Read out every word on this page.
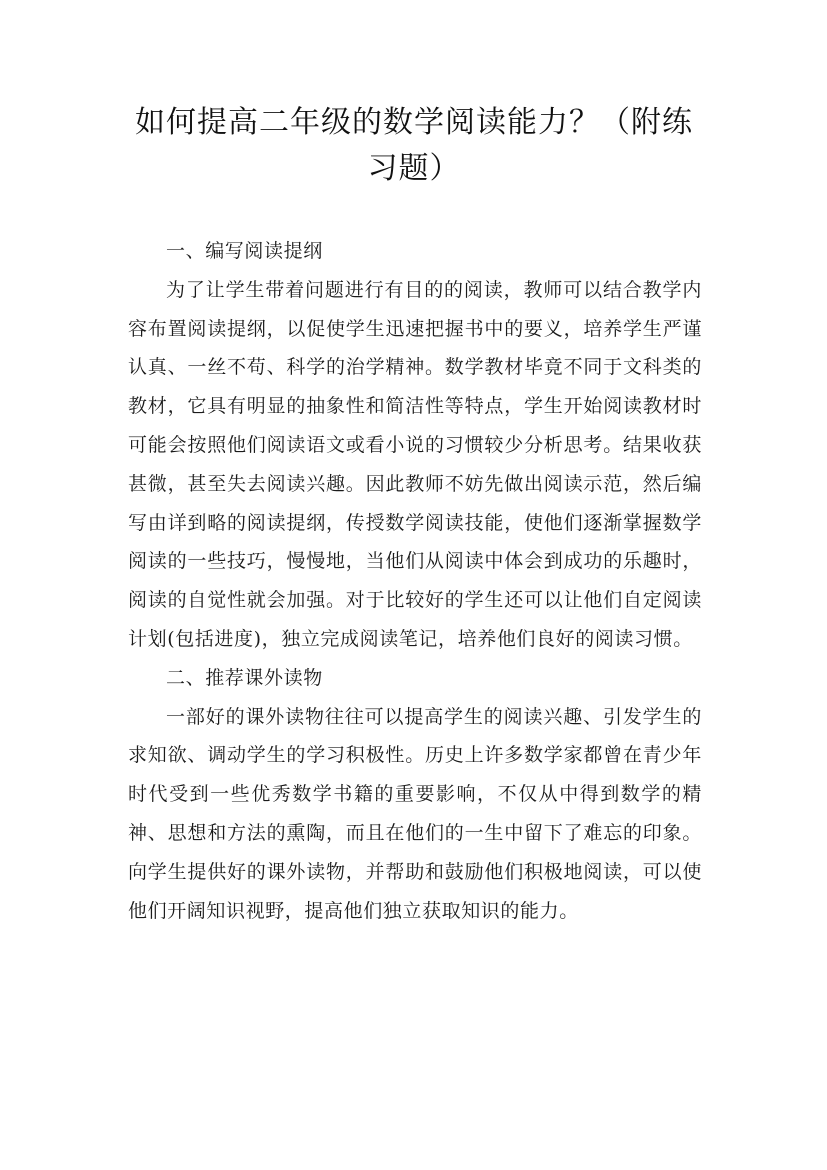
如何提高二年级的数学阅读能力？（附练习题）

一、编写阅读提纲

为了让学生带着问题进行有目的的阅读，教师可以结合教学内容布置阅读提纲，以促使学生迅速把握书中的要义，培养学生严谨认真、一丝不苟、科学的治学精神。数学教材毕竟不同于文科类的教材，它具有明显的抽象性和简洁性等特点，学生开始阅读教材时可能会按照他们阅读语文或看小说的习惯较少分析思考。结果收获甚微，甚至失去阅读兴趣。因此教师不妨先做出阅读示范，然后编写由详到略的阅读提纲，传授数学阅读技能，使他们逐渐掌握数学阅读的一些技巧，慢慢地，当他们从阅读中体会到成功的乐趣时，阅读的自觉性就会加强。对于比较好的学生还可以让他们自定阅读计划(包括进度)，独立完成阅读笔记，培养他们良好的阅读习惯。

二、推荐课外读物

一部好的课外读物往往可以提高学生的阅读兴趣、引发学生的求知欲、调动学生的学习积极性。历史上许多数学家都曾在青少年时代受到一些优秀数学书籍的重要影响，不仅从中得到数学的精神、思想和方法的熏陶，而且在他们的一生中留下了难忘的印象。向学生提供好的课外读物，并帮助和鼓励他们积极地阅读，可以使他们开阔知识视野，提高他们独立获取知识的能力。
